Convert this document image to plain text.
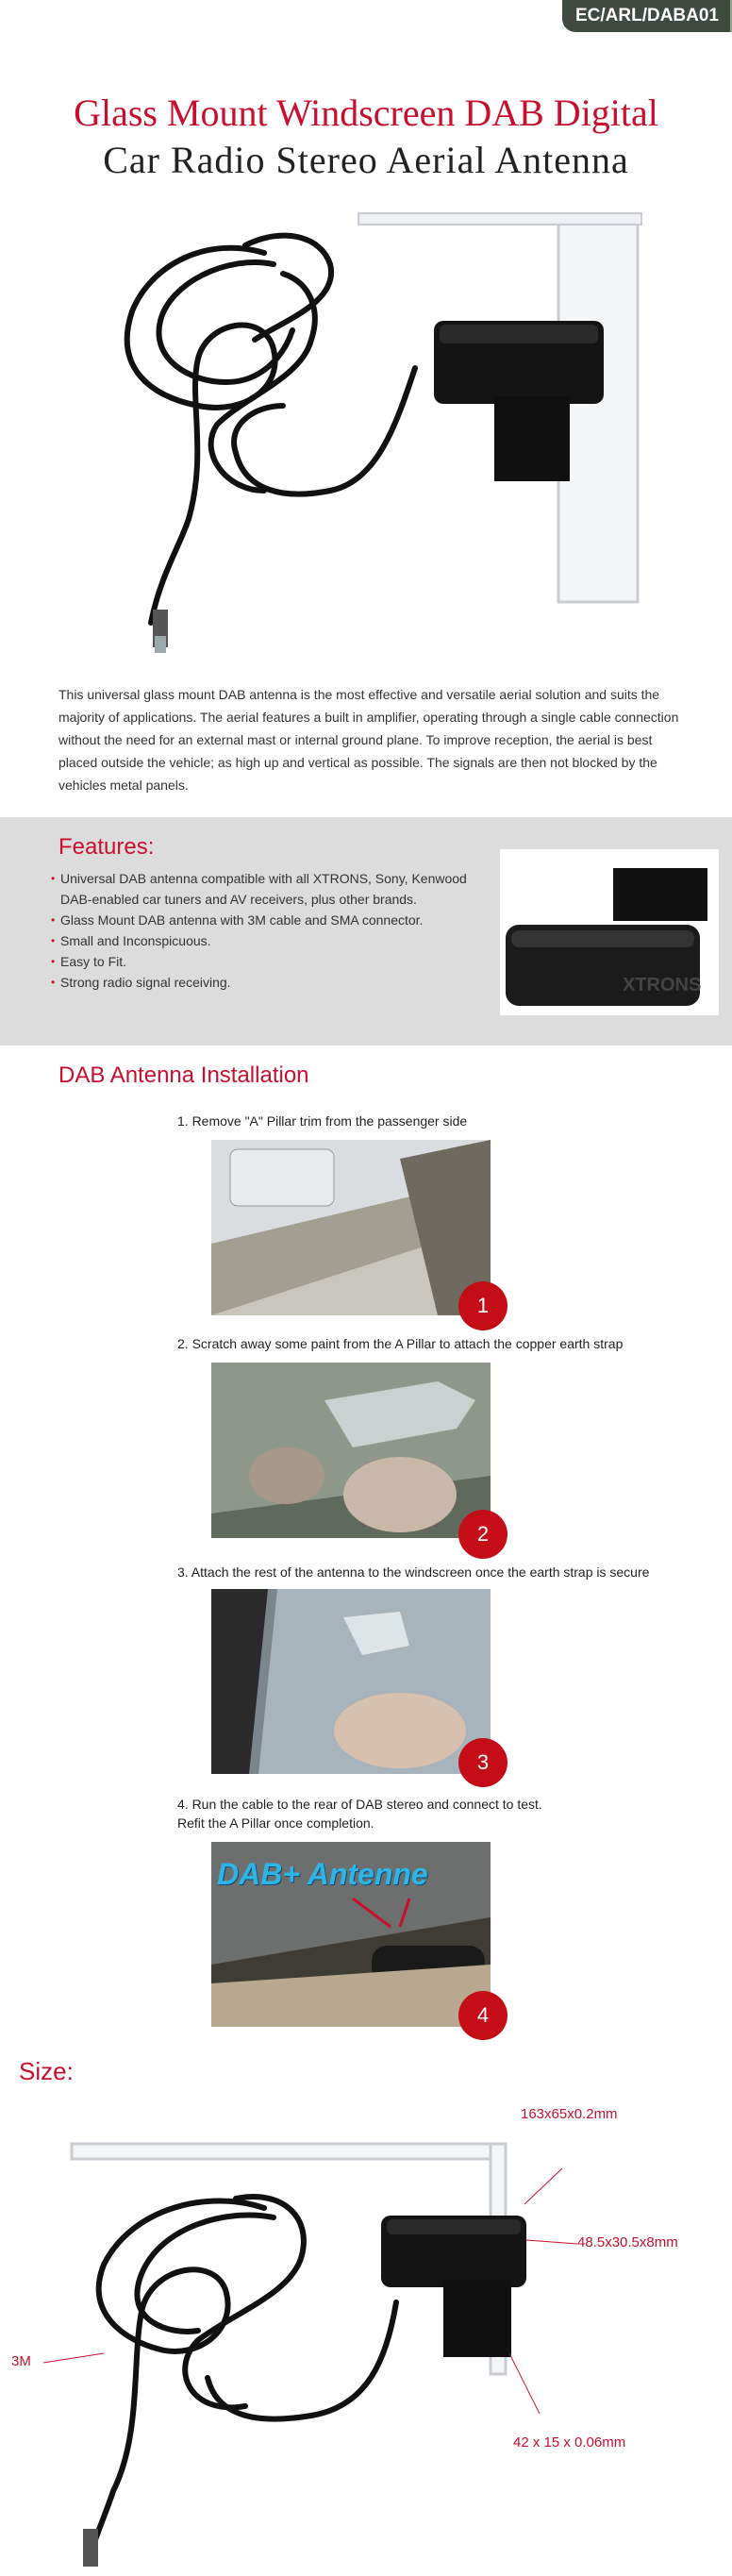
EC/ARL/DABA01
Glass Mount Windscreen DAB Digital
Car Radio Stereo Aerial Antenna
This universal glass mount DAB antenna is the most effective and versatile aerial solution and suits the majority of applications. The aerial features a built in amplifier, operating through a single cable connection without the need for an external mast or internal ground plane. To improve reception, the aerial is best placed outside the vehicle; as high up and vertical as possible. The signals are then not blocked by the vehicles metal panels.
Features:
• Universal DAB antenna compatible with all XTRONS, Sony, Kenwood DAB-enabled car tuners and AV receivers, plus other brands.
• Glass Mount DAB antenna with 3M cable and SMA connector.
• Small and Inconspicuous.
• Easy to Fit.
• Strong radio signal receiving.	XTRONS
DAB Antenna Installation
1. Remove "A" Pillar trim from the passenger side
1
2. Scratch away some paint from the A Pillar to attach the copper earth strap
2
3. Attach the rest of the antenna to the windscreen once the earth strap is secure
3
4. Run the cable to the rear of DAB stereo and connect to test.
Refit the A Pillar once completion.
DAB+ Antenne
4
Size:
163x65x0.2mm
48.5x30.5x8mm
3M
42 x 15 x 0.06mm
